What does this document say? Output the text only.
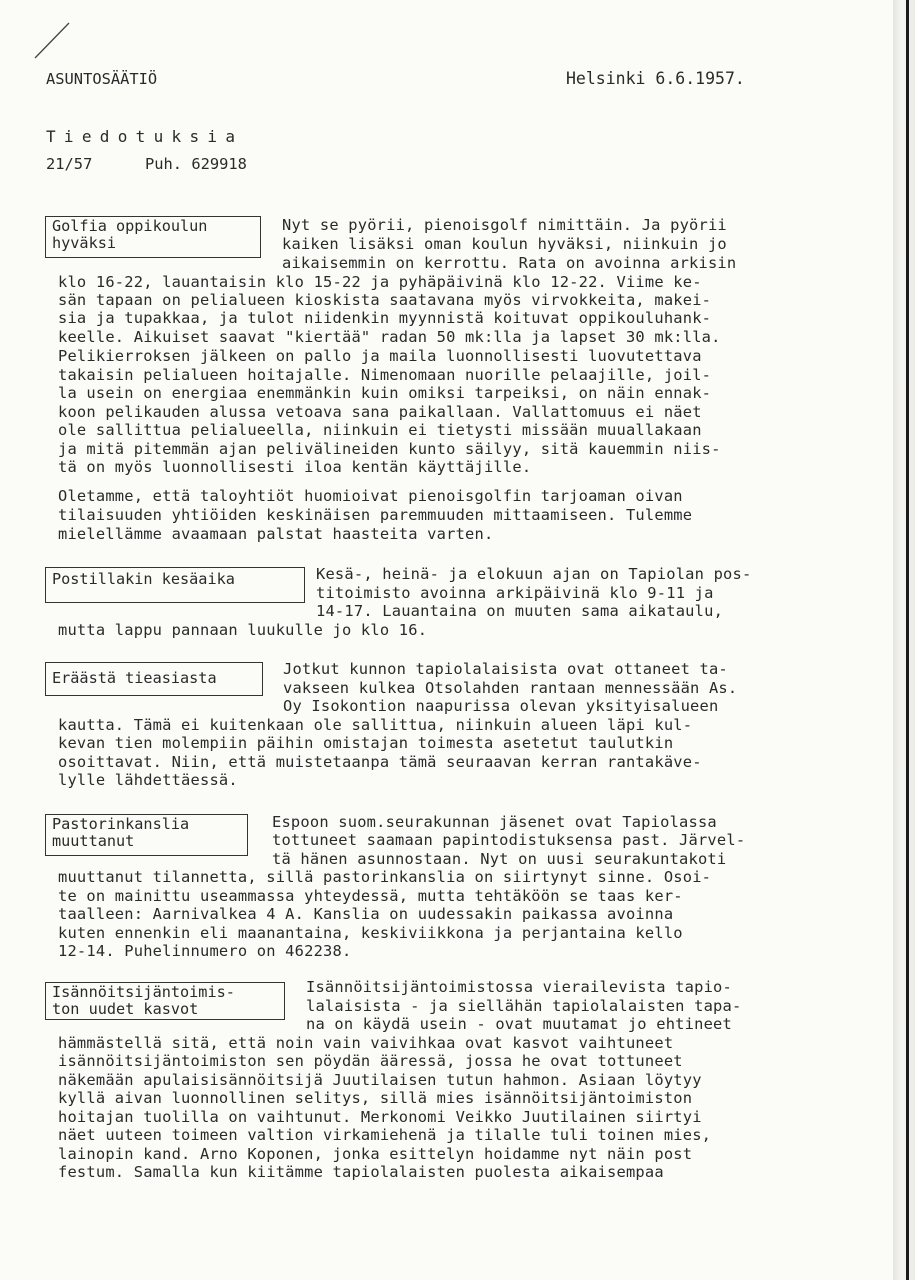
ASUNTOSÄÄTIÖ	Helsinki 6.6.1957.

Tiedotuksia

21/57	Puh. 629918

Golfia oppikoulun
hyväksi

Nyt se pyörii, pienoisgolf nimittäin. Ja pyörii

kaiken lisäksi oman koulun hyväksi, niinkuin jo

aikaisemmin on kerrottu. Rata on avoinna arkisin

klo 16-22, lauantaisin klo 15-22 ja pyhäpäivinä klo 12-22. Viime ke-

sän tapaan on pelialueen kioskista saatavana myös virvokkeita, makei-

sia ja tupakkaa, ja tulot niidenkin myynnistä koituvat oppikouluhank-

keelle. Aikuiset saavat "kiertää" radan 50 mk:lla ja lapset 30 mk:lla.

Pelikierroksen jälkeen on pallo ja maila luonnollisesti luovutettava

takaisin pelialueen hoitajalle. Nimenomaan nuorille pelaajille, joil-

la usein on energiaa enemmänkin kuin omiksi tarpeiksi, on näin ennak-

koon pelikauden alussa vetoava sana paikallaan. Vallattomuus ei näet

ole sallittua pelialueella, niinkuin ei tietysti missään muuallakaan

ja mitä pitemmän ajan pelivälineiden kunto säilyy, sitä kauemmin niis-

tä on myös luonnollisesti iloa kentän käyttäjille.

Oletamme, että taloyhtiöt huomioivat pienoisgolfin tarjoaman oivan

tilaisuuden yhtiöiden keskinäisen paremmuuden mittaamiseen. Tulemme

mielellämme avaamaan palstat haasteita varten.

Postillakin kesäaika	Kesä-, heinä- ja elokuun ajan on Tapiolan pos-

titoimisto avoinna arkipäivinä klo 9-11 ja

14-17. Lauantaina on muuten sama aikataulu,

mutta lappu pannaan luukulle jo klo 16.

Eräästä tieasiasta	Jotkut kunnon tapiolalaisista ovat ottaneet ta-

vakseen kulkea Otsolahden rantaan mennessään As.

Oy Isokontion naapurissa olevan yksityisalueen

kautta. Tämä ei kuitenkaan ole sallittua, niinkuin alueen läpi kul-

kevan tien molempiin päihin omistajan toimesta asetetut taulutkin

osoittavat. Niin, että muistetaanpa tämä seuraavan kerran rantakäve-

lylle lähdettäessä.

Pastorinkanslia
muuttanut

Espoon suom.seurakunnan jäsenet ovat Tapiolassa

tottuneet saamaan papintodistuksensa past. Järvel-

tä hänen asunnostaan. Nyt on uusi seurakuntakoti

muuttanut tilannetta, sillä pastorinkanslia on siirtynyt sinne. Osoi-

te on mainittu useammassa yhteydessä, mutta tehtäköön se taas ker-

taalleen: Aarnivalkea 4 A. Kanslia on uudessakin paikassa avoinna

kuten ennenkin eli maanantaina, keskiviikkona ja perjantaina kello

12-14. Puhelinnumero on 462238.

Isännöitsijäntoimis-
ton uudet kasvot

Isännöitsijäntoimistossa vierailevista tapio-

lalaisista - ja siellähän tapiolalaisten tapa-

na on käydä usein - ovat muutamat jo ehtineet

hämmästellä sitä, että noin vain vaivihkaa ovat kasvot vaihtuneet

isännöitsijäntoimiston sen pöydän ääressä, jossa he ovat tottuneet

näkemään apulaisisännöitsijä Juutilaisen tutun hahmon. Asiaan löytyy

kyllä aivan luonnollinen selitys, sillä mies isännöitsijäntoimiston

hoitajan tuolilla on vaihtunut. Merkonomi Veikko Juutilainen siirtyi

näet uuteen toimeen valtion virkamiehenä ja tilalle tuli toinen mies,

lainopin kand. Arno Koponen, jonka esittelyn hoidamme nyt näin post

festum. Samalla kun kiitämme tapiolalaisten puolesta aikaisempaa
